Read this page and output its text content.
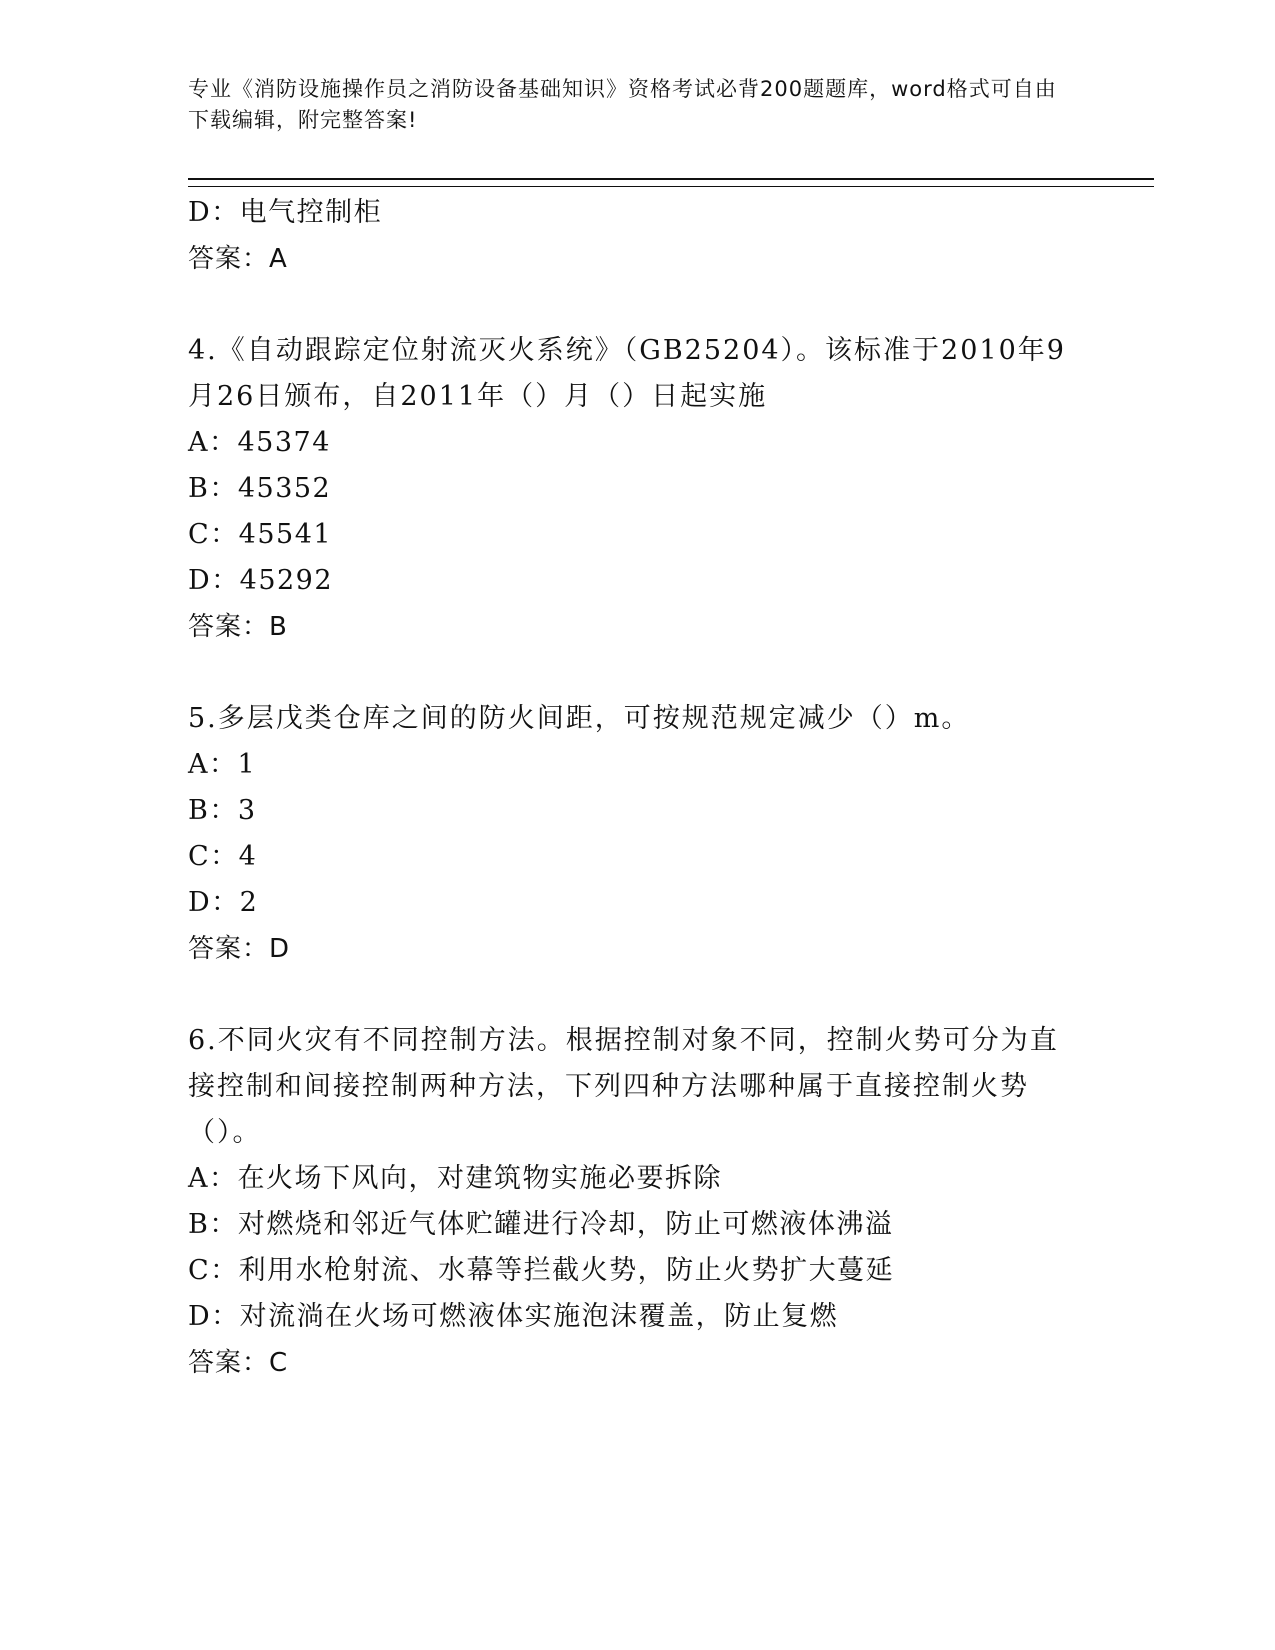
专业《消防设施操作员之消防设备基础知识》资格考试必背200题题库，word格式可自由下载编辑，附完整答案!
D：电气控制柜
答案：A
4.《自动跟踪定位射流灭火系统》（GB25204）。该标准于2010年9月26日颁布，自2011年（）月（）日起实施
A：45374
B：45352
C：45541
D：45292
答案：B
5.多层戊类仓库之间的防火间距，可按规范规定减少（）m。
A：1
B：3
C：4
D：2
答案：D
6.不同火灾有不同控制方法。根据控制对象不同，控制火势可分为直接控制和间接控制两种方法，下列四种方法哪种属于直接控制火势（）。
A：在火场下风向，对建筑物实施必要拆除
B：对燃烧和邻近气体贮罐进行冷却，防止可燃液体沸溢
C：利用水枪射流、水幕等拦截火势，防止火势扩大蔓延
D：对流淌在火场可燃液体实施泡沫覆盖，防止复燃
答案：C
